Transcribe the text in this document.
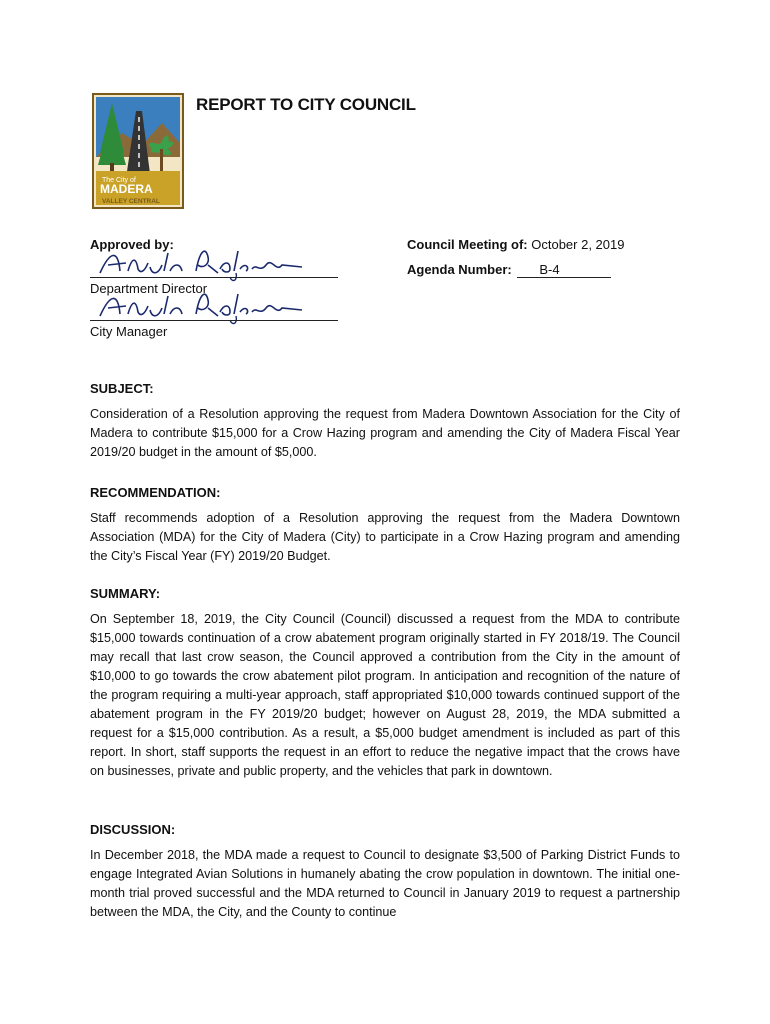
The City of
MADERA
VALLEY CENTRAL
REPORT TO CITY COUNCIL
Approved by:
Department Director
City Manager
Council Meeting of: October 2, 2019
Agenda Number: B-4

SUBJECT:

Consideration of a Resolution approving the request from Madera Downtown Association for the City of Madera to contribute $15,000 for a Crow Hazing program and amending the City of Madera Fiscal Year 2019/20 budget in the amount of $5,000.

RECOMMENDATION:

Staff recommends adoption of a Resolution approving the request from the Madera Downtown Association (MDA) for the City of Madera (City) to participate in a Crow Hazing program and amending the City’s Fiscal Year (FY) 2019/20 Budget.

SUMMARY:

On September 18, 2019, the City Council (Council) discussed a request from the MDA to contribute $15,000 towards continuation of a crow abatement program originally started in FY 2018/19. The Council may recall that last crow season, the Council approved a contribution from the City in the amount of $10,000 to go towards the crow abatement pilot program. In anticipation and recognition of the nature of the program requiring a multi-year approach, staff appropriated $10,000 towards continued support of the abatement program in the FY 2019/20 budget; however on August 28, 2019, the MDA submitted a request for a $15,000 contribution. As a result, a $5,000 budget amendment is included as part of this report. In short, staff supports the request in an effort to reduce the negative impact that the crows have on businesses, private and public property, and the vehicles that park in downtown.

DISCUSSION:

In December 2018, the MDA made a request to Council to designate $3,500 of Parking District Funds to engage Integrated Avian Solutions in humanely abating the crow population in downtown. The initial one-month trial proved successful and the MDA returned to Council in January 2019 to request a partnership between the MDA, the City, and the County to continue
